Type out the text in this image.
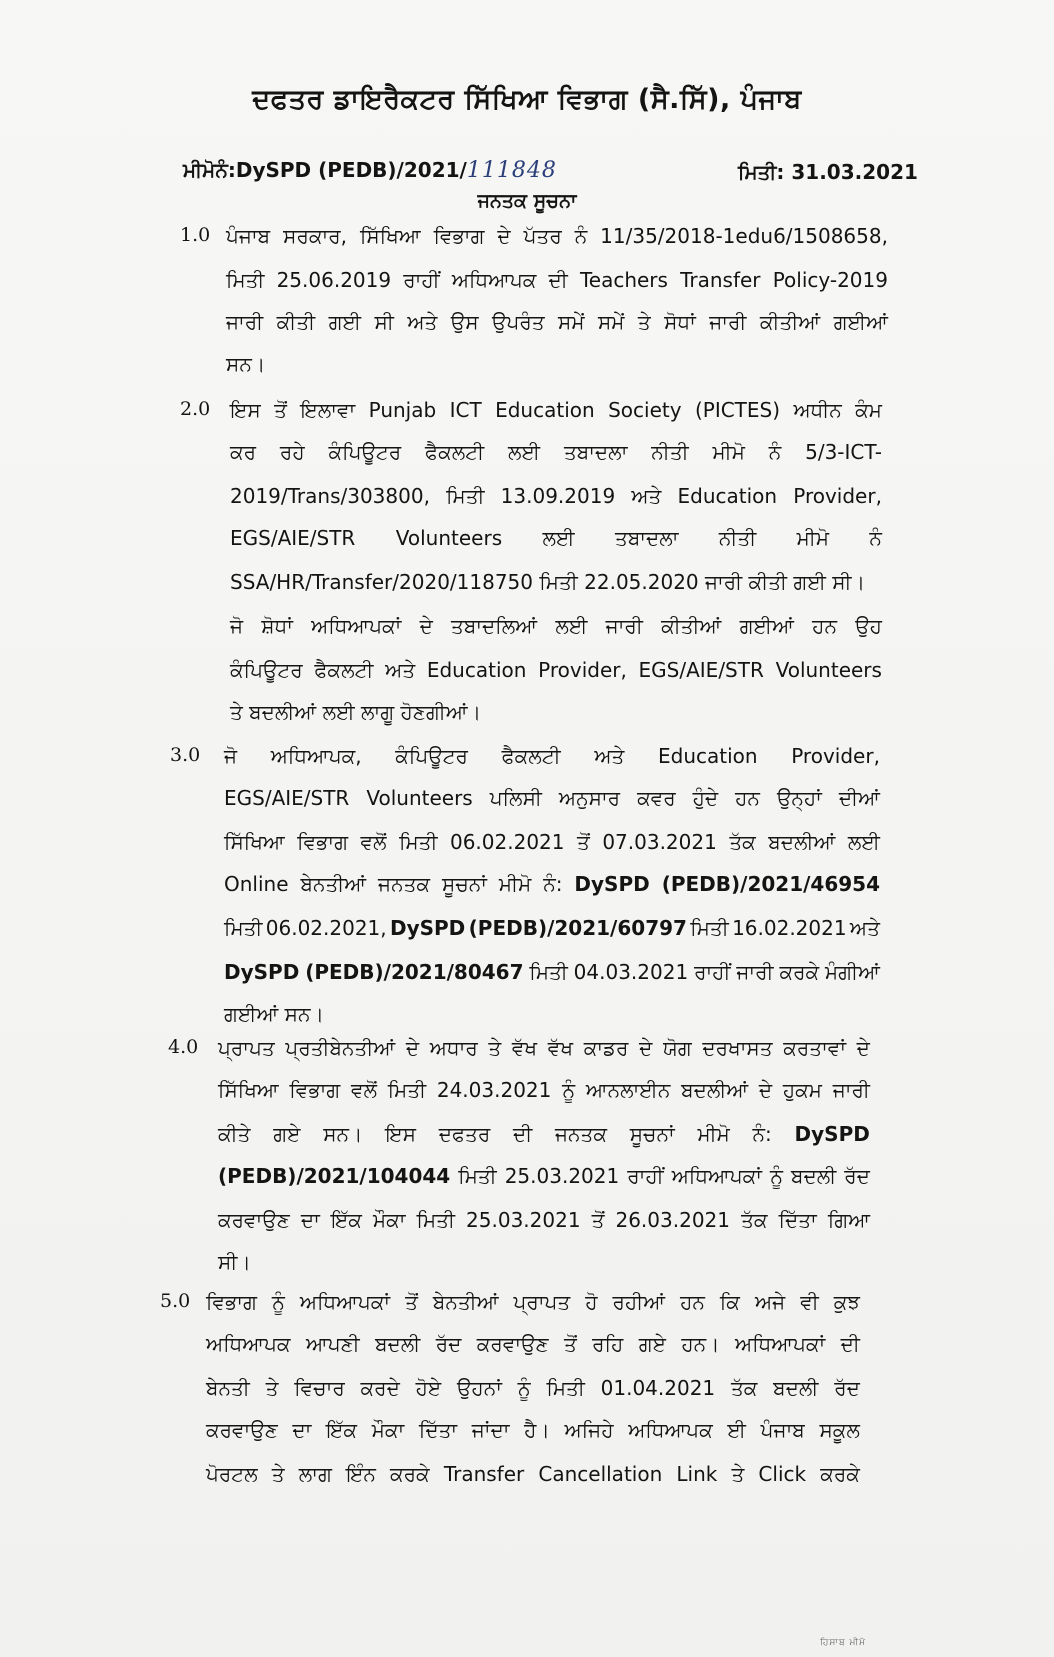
ਦਫਤਰ ਡਾਇਰੈਕਟਰ ਸਿੱਖਿਆ ਵਿਭਾਗ (ਸੈ.ਸਿੱ), ਪੰਜਾਬ
ਮੀਮੋਨੰ:DySPD (PEDB)/2021/111848	ਮਿਤੀ: 31.03.2021
ਜਨਤਕ ਸੂਚਨਾ
1.0 ਪੰਜਾਬ ਸਰਕਾਰ, ਸਿੱਖਿਆ ਵਿਭਾਗ ਦੇ ਪੱਤਰ ਨੰ 11/35/2018-1edu6/1508658,
ਮਿਤੀ 25.06.2019 ਰਾਹੀਂ ਅਧਿਆਪਕ ਦੀ Teachers Transfer Policy-2019
ਜਾਰੀ ਕੀਤੀ ਗਈ ਸੀ ਅਤੇ ਉਸ ਉਪਰੰਤ ਸਮੇਂ ਸਮੇਂ ਤੇ ਸੋਧਾਂ ਜਾਰੀ ਕੀਤੀਆਂ ਗਈਆਂ
ਸਨ।
2.0 ਇਸ ਤੋਂ ਇਲਾਵਾ Punjab ICT Education Society (PICTES) ਅਧੀਨ ਕੰਮ
ਕਰ ਰਹੇ ਕੰਪਿਊਟਰ ਫੈਕਲਟੀ ਲਈ ਤਬਾਦਲਾ ਨੀਤੀ ਮੀਮੋ ਨੰ 5/3-ICT-
2019/Trans/303800, ਮਿਤੀ 13.09.2019 ਅਤੇ Education Provider,
EGS/AIE/STR Volunteers ਲਈ ਤਬਾਦਲਾ ਨੀਤੀ ਮੀਮੋ ਨੰ
SSA/HR/Transfer/2020/118750 ਮਿਤੀ 22.05.2020 ਜਾਰੀ ਕੀਤੀ ਗਈ ਸੀ।
ਜੋ ਸ਼ੋਧਾਂ ਅਧਿਆਪਕਾਂ ਦੇ ਤਬਾਦਲਿਆਂ ਲਈ ਜਾਰੀ ਕੀਤੀਆਂ ਗਈਆਂ ਹਨ ਉਹ
ਕੰਪਿਊਟਰ ਫੈਕਲਟੀ ਅਤੇ Education Provider, EGS/AIE/STR Volunteers
ਤੇ ਬਦਲੀਆਂ ਲਈ ਲਾਗੂ ਹੋਣਗੀਆਂ।
3.0 ਜੋ ਅਧਿਆਪਕ, ਕੰਪਿਊਟਰ ਫੈਕਲਟੀ ਅਤੇ Education Provider,
EGS/AIE/STR Volunteers ਪਲਿਸੀ ਅਨੁਸਾਰ ਕਵਰ ਹੁੰਦੇ ਹਨ ਉਨ੍ਹਾਂ ਦੀਆਂ
ਸਿੱਖਿਆ ਵਿਭਾਗ ਵਲੋਂ ਮਿਤੀ 06.02.2021 ਤੋਂ 07.03.2021 ਤੱਕ ਬਦਲੀਆਂ ਲਈ
Online ਬੇਨਤੀਆਂ ਜਨਤਕ ਸੂਚਨਾਂ ਮੀਮੋ ਨੰ: DySPD (PEDB)/2021/46954
ਮਿਤੀ 06.02.2021, DySPD (PEDB)/2021/60797 ਮਿਤੀ 16.02.2021 ਅਤੇ
DySPD (PEDB)/2021/80467 ਮਿਤੀ 04.03.2021 ਰਾਹੀਂ ਜਾਰੀ ਕਰਕੇ ਮੰਗੀਆਂ
ਗਈਆਂ ਸਨ।
4.0 ਪ੍ਰਾਪਤ ਪ੍ਰਤੀਬੇਨਤੀਆਂ ਦੇ ਅਧਾਰ ਤੇ ਵੱਖ ਵੱਖ ਕਾਡਰ ਦੇ ਯੋਗ ਦਰਖਾਸਤ ਕਰਤਾਵਾਂ ਦੇ
ਸਿੱਖਿਆ ਵਿਭਾਗ ਵਲੋਂ ਮਿਤੀ 24.03.2021 ਨੂੰ ਆਨਲਾਈਨ ਬਦਲੀਆਂ ਦੇ ਹੁਕਮ ਜਾਰੀ
ਕੀਤੇ ਗਏ ਸਨ। ਇਸ ਦਫਤਰ ਦੀ ਜਨਤਕ ਸੂਚਨਾਂ ਮੀਮੋ ਨੰ: DySPD
(PEDB)/2021/104044 ਮਿਤੀ 25.03.2021 ਰਾਹੀਂ ਅਧਿਆਪਕਾਂ ਨੂੰ ਬਦਲੀ ਰੱਦ
ਕਰਵਾਉਣ ਦਾ ਇੱਕ ਮੌਕਾ ਮਿਤੀ 25.03.2021 ਤੋਂ 26.03.2021 ਤੱਕ ਦਿੱਤਾ ਗਿਆ
ਸੀ।
5.0 ਵਿਭਾਗ ਨੂੰ ਅਧਿਆਪਕਾਂ ਤੋਂ ਬੇਨਤੀਆਂ ਪ੍ਰਾਪਤ ਹੋ ਰਹੀਆਂ ਹਨ ਕਿ ਅਜੇ ਵੀ ਕੁਝ
ਅਧਿਆਪਕ ਆਪਣੀ ਬਦਲੀ ਰੱਦ ਕਰਵਾਉਣ ਤੋਂ ਰਹਿ ਗਏ ਹਨ। ਅਧਿਆਪਕਾਂ ਦੀ
ਬੇਨਤੀ ਤੇ ਵਿਚਾਰ ਕਰਦੇ ਹੋਏ ਉਹਨਾਂ ਨੂੰ ਮਿਤੀ 01.04.2021 ਤੱਕ ਬਦਲੀ ਰੱਦ
ਕਰਵਾਉਣ ਦਾ ਇੱਕ ਮੌਕਾ ਦਿੱਤਾ ਜਾਂਦਾ ਹੈ। ਅਜਿਹੇ ਅਧਿਆਪਕ ਈ ਪੰਜਾਬ ਸਕੂਲ
ਪੋਰਟਲ ਤੇ ਲਾਗ ਇੰਨ ਕਰਕੇ Transfer Cancellation Link ਤੇ Click ਕਰਕੇ
ਹਿਸਾਬ ਮੀਮੋ
